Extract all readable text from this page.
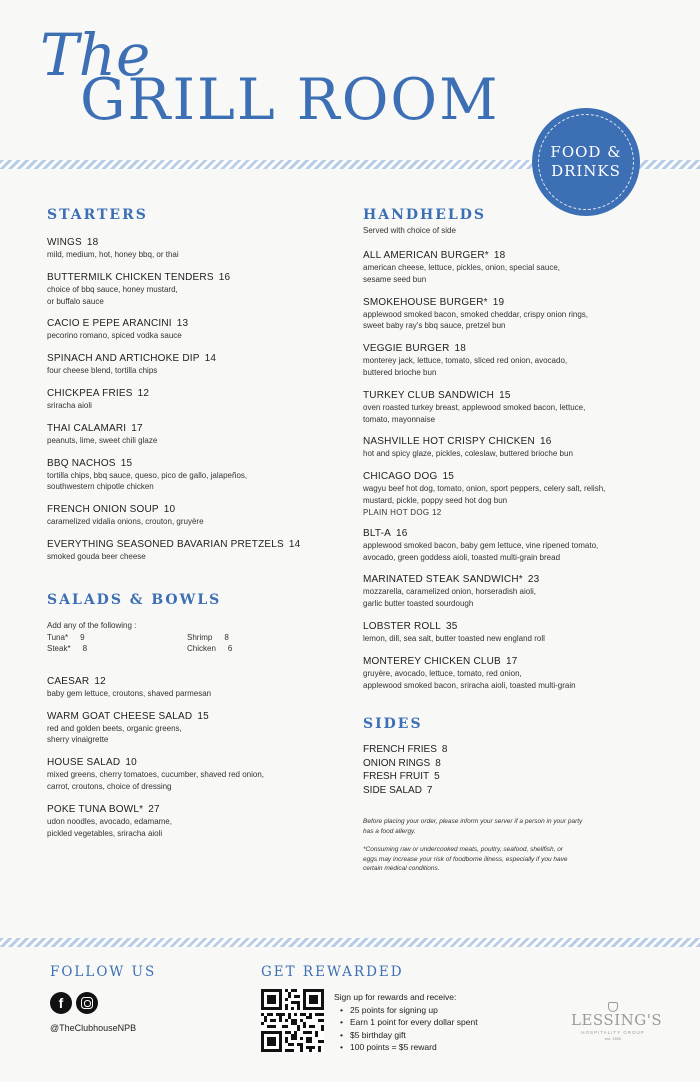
The
GRILL ROOM
FOOD &
DRINKS
STARTERS
WINGS 18
mild, medium, hot, honey bbq, or thai
BUTTERMILK CHICKEN TENDERS 16
choice of bbq sauce, honey mustard,
or buffalo sauce
CACIO E PEPE ARANCINI 13
pecorino romano, spiced vodka sauce
SPINACH AND ARTICHOKE DIP 14
four cheese blend, tortilla chips
CHICKPEA FRIES 12
sriracha aioli
THAI CALAMARI 17
peanuts, lime, sweet chili glaze
BBQ NACHOS 15
tortilla chips, bbq sauce, queso, pico de gallo, jalapeños,
southwestern chipotle chicken
FRENCH ONION SOUP 10
caramelized vidalia onions, crouton, gruyère
EVERYTHING SEASONED BAVARIAN PRETZELS 14
smoked gouda beer cheese
SALADS & BOWLS
Add any of the following :
Tuna* 9	Shrimp 8
Steak* 8	Chicken 6
CAESAR 12
baby gem lettuce, croutons, shaved parmesan
WARM GOAT CHEESE SALAD 15
red and golden beets, organic greens,
sherry vinaigrette
HOUSE SALAD 10
mixed greens, cherry tomatoes, cucumber, shaved red onion,
carrot, croutons, choice of dressing
POKE TUNA BOWL* 27
udon noodles, avocado, edamame,
pickled vegetables, sriracha aioli
HANDHELDS
Served with choice of side
ALL AMERICAN BURGER* 18
american cheese, lettuce, pickles, onion, special sauce,
sesame seed bun
SMOKEHOUSE BURGER* 19
applewood smoked bacon, smoked cheddar, crispy onion rings,
sweet baby ray's bbq sauce, pretzel bun
VEGGIE BURGER 18
monterey jack, lettuce, tomato, sliced red onion, avocado,
buttered brioche bun
TURKEY CLUB SANDWICH 15
oven roasted turkey breast, applewood smoked bacon, lettuce,
tomato, mayonnaise
NASHVILLE HOT CRISPY CHICKEN 16
hot and spicy glaze, pickles, coleslaw, buttered brioche bun
CHICAGO DOG 15
wagyu beef hot dog, tomato, onion, sport peppers, celery salt, relish,
mustard, pickle, poppy seed hot dog bun
PLAIN HOT DOG 12
BLT-A 16
applewood smoked bacon, baby gem lettuce, vine ripened tomato,
avocado, green goddess aioli, toasted multi-grain bread
MARINATED STEAK SANDWICH* 23
mozzarella, caramelized onion, horseradish aioli,
garlic butter toasted sourdough
LOBSTER ROLL 35
lemon, dill, sea salt, butter toasted new england roll
MONTEREY CHICKEN CLUB 17
gruyère, avocado, lettuce, tomato, red onion,
applewood smoked bacon, sriracha aioli, toasted multi-grain
SIDES
FRENCH FRIES 8
ONION RINGS 8
FRESH FRUIT 5
SIDE SALAD 7

Before placing your order, please inform your server if a person in your party has a food allergy.

*Consuming raw or undercooked meats, poultry, seafood, shellfish, or eggs may increase your risk of foodborne illness, especially if you have certain medical conditions.

FOLLOW US
f
@TheClubhouseNPB
GET REWARDED
Sign up for rewards and receive:
• 25 points for signing up
• Earn 1 point for every dollar spent
• $5 birthday gift
• 100 points = $5 reward
LESSING'S
HOSPITALITY GROUP
est. 1890
